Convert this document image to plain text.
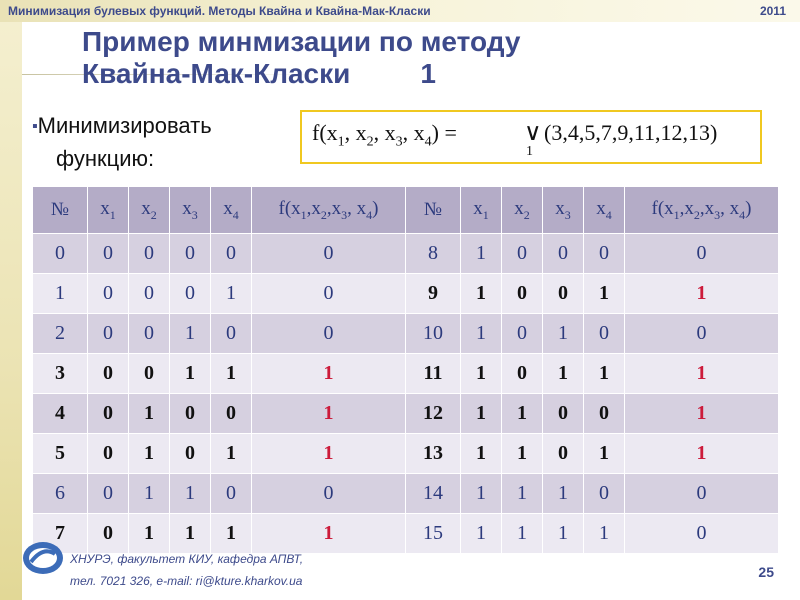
Минимизация булевых функций. Методы Квайна и Квайна-Мак-Класки	2011
Пример минмизации по методу
Квайна-Мак-Класки         1
▪Минимизировать
функцию:
$f(x_1$, $x_2$, $x_3$, $x_4$) =	∨
1
(3,4,5,7,9,11,12,13)
№	$x_1$	$x_2$	$x_3$	$x_4$	$f(x_1,x_2,x_3$, $x_4$)	№	$x_1$	$x_2$	$x_3$	$x_4$	$f(x_1,x_2,x_3$, $x_4$)
0	0	0	0	0	0	8	1	0	0	0	0
1	0	0	0	1	0	9	1	0	0	1	1
2	0	0	1	0	0	10	1	0	1	0	0
3	0	0	1	1	1	11	1	0	1	1	1
4	0	1	0	0	1	12	1	1	0	0	1
5	0	1	0	1	1	13	1	1	0	1	1
6	0	1	1	0	0	14	1	1	1	0	0
7	0	1	1	1	1	15	1	1	1	1	0
ХНУРЭ, факультет КИУ, кафедра АПВТ,
тел. 7021 326, e-mail: ri@kture.kharkov.ua
25
